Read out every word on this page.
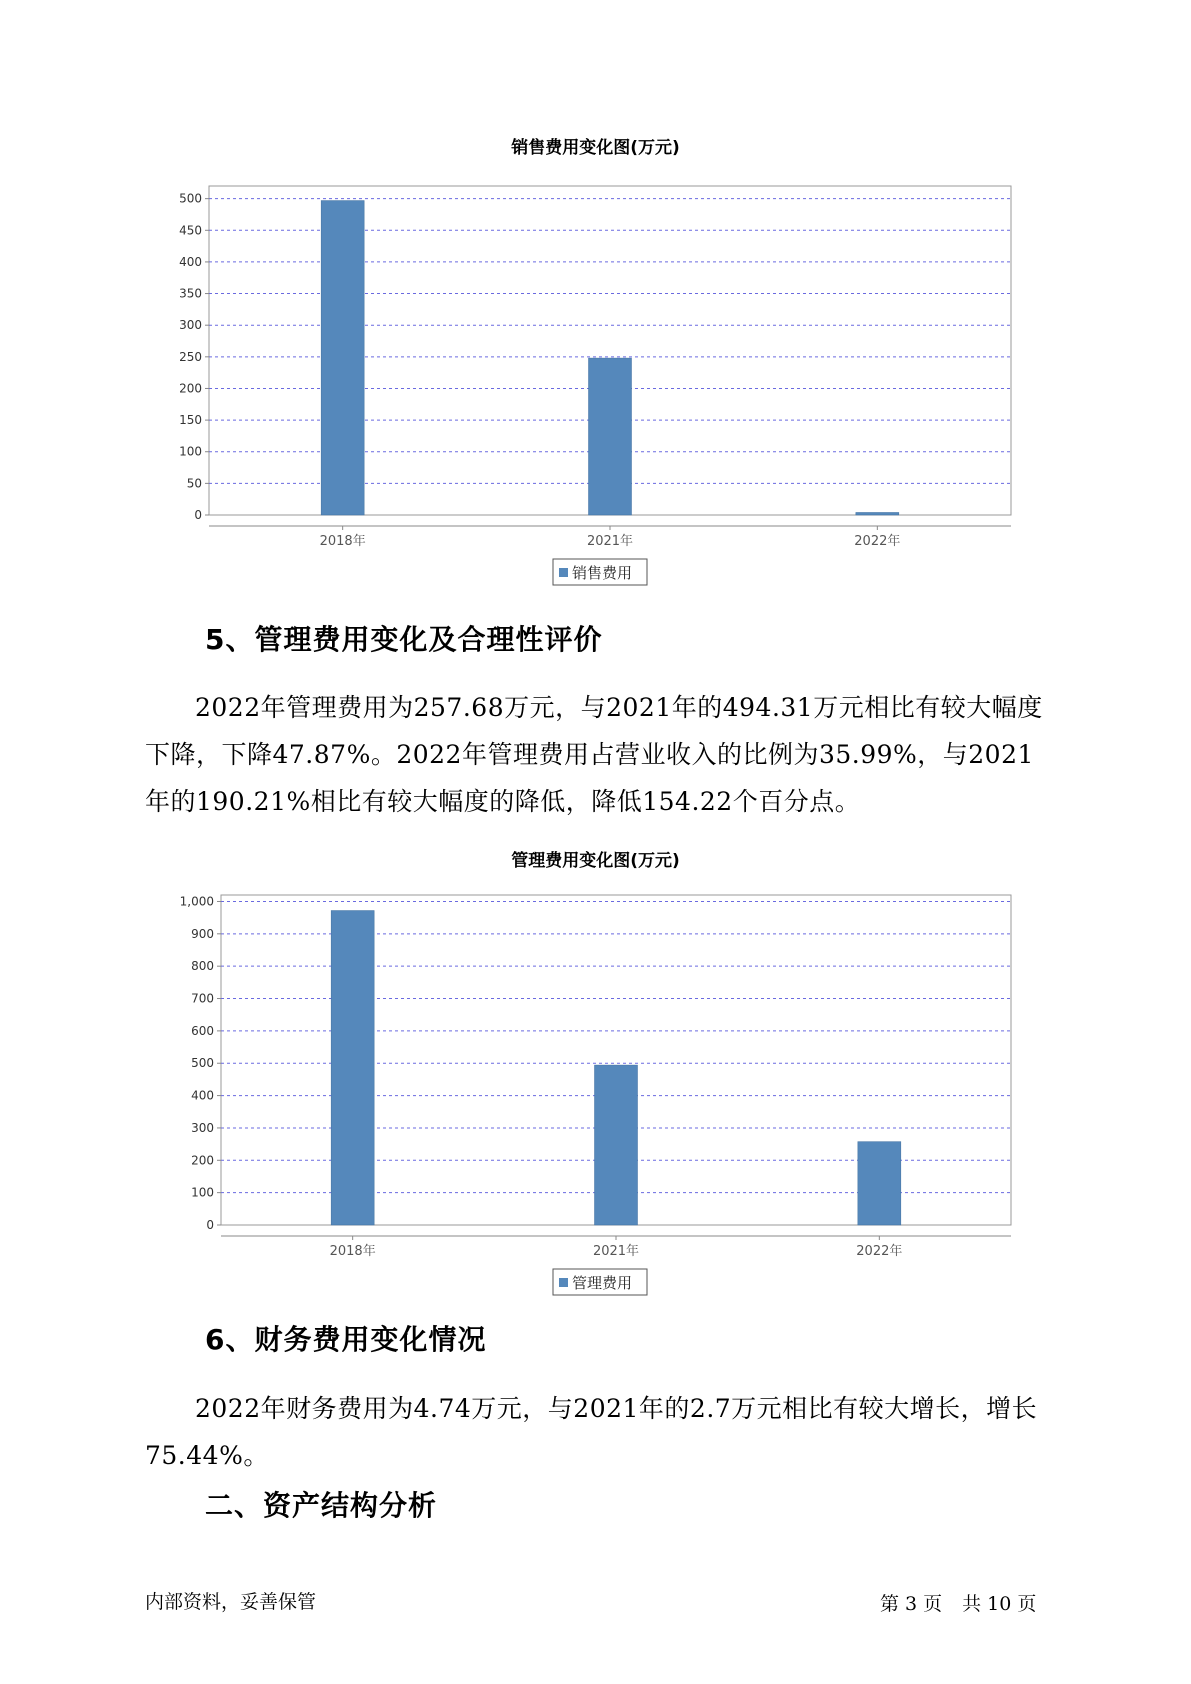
销售费用变化图(万元)
0
50
100
150
200
250
300
350
400
450
500
2018年	2021年	2022年
销售费用
5、管理费用变化及合理性评价
2022年管理费用为257.68万元，与2021年的494.31万元相比有较大幅度下降，下降47.87%。2022年管理费用占营业收入的比例为35.99%，与2021年的190.21%相比有较大幅度的降低，降低154.22个百分点。
管理费用变化图(万元)
0
100
200
300
400
500
600
700
800
900
1,000
2018年	2021年	2022年
管理费用
6、财务费用变化情况
2022年财务费用为4.74万元，与2021年的2.7万元相比有较大增长，增长75.44%。
二、资产结构分析
内部资料，妥善保管	第 3 页 共 10 页
